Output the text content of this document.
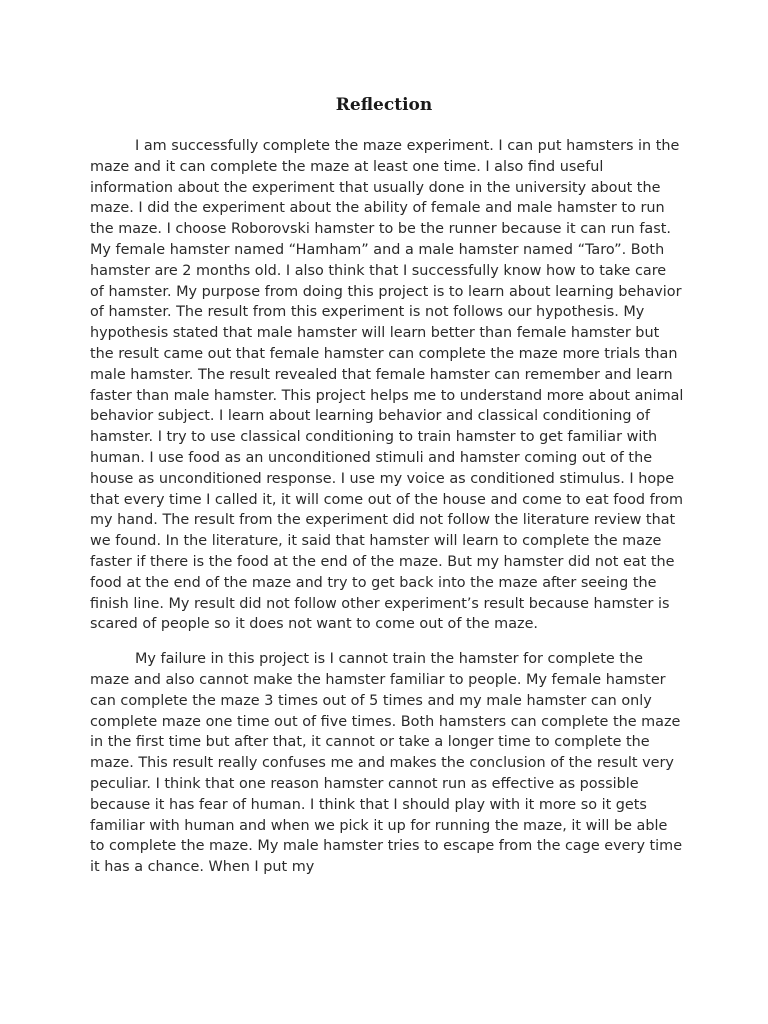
Reflection

I am successfully complete the maze experiment. I can put hamsters in the maze and it can complete the maze at least one time. I also find useful information about the experiment that usually done in the university about the maze. I did the experiment about the ability of female and male hamster to run the maze. I choose Roborovski hamster to be the runner because it can run fast. My female hamster named “Hamham” and a male hamster named “Taro”. Both hamster are 2 months old. I also think that I successfully know how to take care of hamster. My purpose from doing this project is to learn about learning behavior of hamster. The result from this experiment is not follows our hypothesis. My hypothesis stated that male hamster will learn better than female hamster but the result came out that female hamster can complete the maze more trials than male hamster. The result revealed that female hamster can remember and learn faster than male hamster. This project helps me to understand more about animal behavior subject. I learn about learning behavior and classical conditioning of hamster. I try to use classical conditioning to train hamster to get familiar with human. I use food as an unconditioned stimuli and hamster coming out of the house as unconditioned response. I use my voice as conditioned stimulus. I hope that every time I called it, it will come out of the house and come to eat food from my hand. The result from the experiment did not follow the literature review that we found. In the literature, it said that hamster will learn to complete the maze faster if there is the food at the end of the maze. But my hamster did not eat the food at the end of the maze and try to get back into the maze after seeing the finish line. My result did not follow other experiment’s result because hamster is scared of people so it does not want to come out of the maze.

My failure in this project is I cannot train the hamster for complete the maze and also cannot make the hamster familiar to people. My female hamster can complete the maze 3 times out of 5 times and my male hamster can only complete maze one time out of five times. Both hamsters can complete the maze in the first time but after that, it cannot or take a longer time to complete the maze. This result really confuses me and makes the conclusion of the result very peculiar. I think that one reason hamster cannot run as effective as possible because it has fear of human. I think that I should play with it more so it gets familiar with human and when we pick it up for running the maze, it will be able to complete the maze. My male hamster tries to escape from the cage every time it has a chance. When I put my
